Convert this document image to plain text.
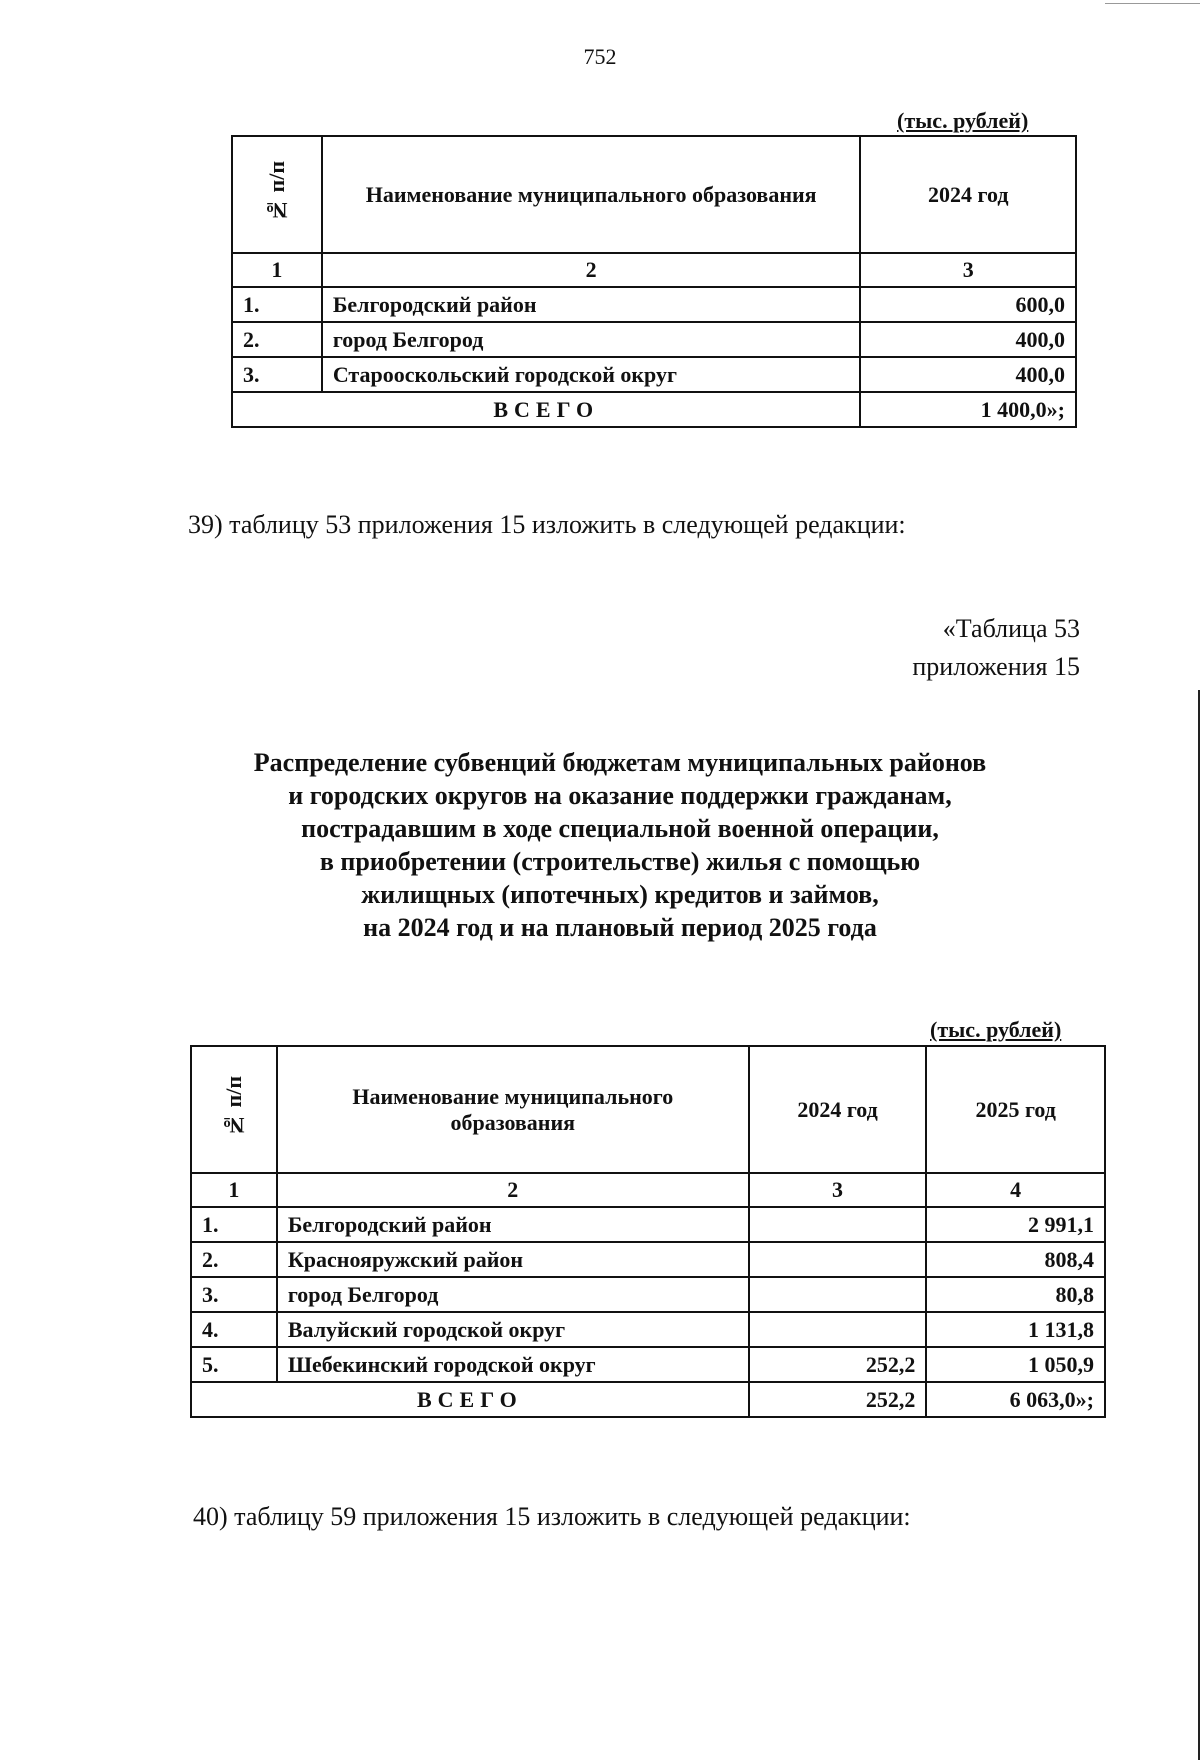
752
(тыс. рублей)
№ п/п	Наименование муниципального образования	2024 год
1	2	3
1.	Белгородский район	600,0
2.	город Белгород	400,0
3.	Старооскольский городской округ	400,0
ВСЕГО		1 400,0»;
39) таблицу 53 приложения 15 изложить в следующей редакции:
«Таблица 53
приложения 15
Распределение субвенций бюджетам муниципальных районов
и городских округов на оказание поддержки гражданам,
пострадавшим в ходе специальной военной операции,
в приобретении (строительстве) жилья с помощью
жилищных (ипотечных) кредитов и займов,
на 2024 год и на плановый период 2025 года
(тыс. рублей)
№ п/п	Наименование муниципального образования	2024 год	2025 год
1	2	3	4
1.	Белгородский район		2 991,1
2.	Краснояружский район		808,4
3.	город Белгород		80,8
4.	Валуйский городской округ		1 131,8
5.	Шебекинский городской округ	252,2	1 050,9
ВСЕГО		252,2	6 063,0»;
40) таблицу 59 приложения 15 изложить в следующей редакции:
